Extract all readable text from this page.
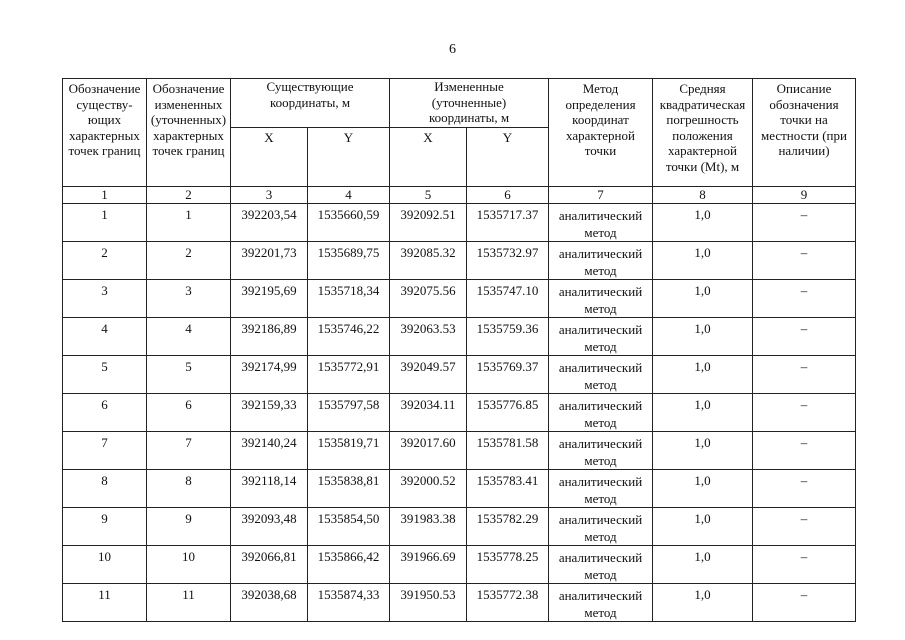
6
Обозначение существу-ющих характерных точек границ	Обозначение измененных (уточненных) характерных точек границ	Существующие координаты, м		Измененные (уточненные) координаты, м		Метод определения координат характерной точки	Средняя квадратическая погрешность положения характерной точки (Mt), м	Описание обозначения точки на местности (при наличии)
		X	Y	X	Y			
1	2	3	4	5	6	7	8	9
1	1	392203,54	1535660,59	392092.51	1535717.37	аналитический метод	1,0	–
2	2	392201,73	1535689,75	392085.32	1535732.97	аналитический метод	1,0	–
3	3	392195,69	1535718,34	392075.56	1535747.10	аналитический метод	1,0	–
4	4	392186,89	1535746,22	392063.53	1535759.36	аналитический метод	1,0	–
5	5	392174,99	1535772,91	392049.57	1535769.37	аналитический метод	1,0	–
6	6	392159,33	1535797,58	392034.11	1535776.85	аналитический метод	1,0	–
7	7	392140,24	1535819,71	392017.60	1535781.58	аналитический метод	1,0	–
8	8	392118,14	1535838,81	392000.52	1535783.41	аналитический метод	1,0	–
9	9	392093,48	1535854,50	391983.38	1535782.29	аналитический метод	1,0	–
10	10	392066,81	1535866,42	391966.69	1535778.25	аналитический метод	1,0	–
11	11	392038,68	1535874,33	391950.53	1535772.38	аналитический метод	1,0	–
